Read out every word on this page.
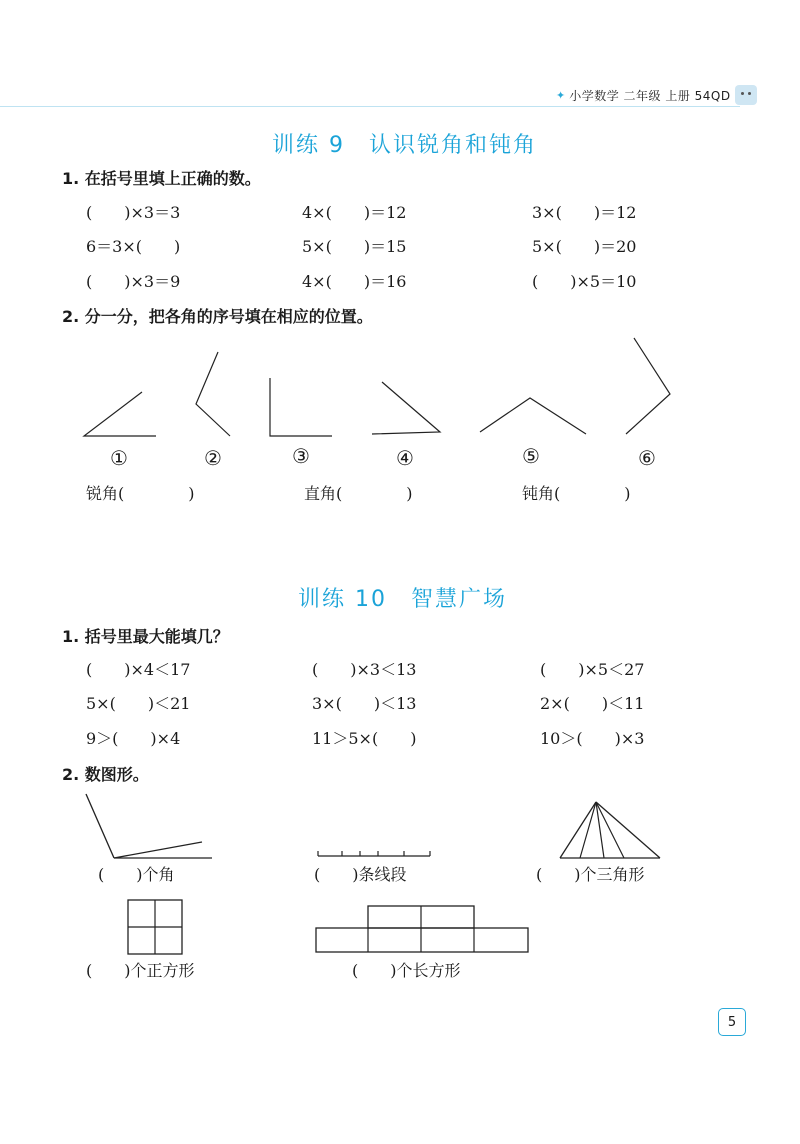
✦ 小学数学 二年级 上册 54QD
训练 9　认识锐角和钝角
1. 在括号里填上正确的数。
(　　)×3＝3	4×(　　)＝12	3×(　　)＝12
6＝3×(　　)	5×(　　)＝15	5×(　　)＝20
(　　)×3＝9	4×(　　)＝16	(　　)×5＝10
2. 分一分，把各角的序号填在相应的位置。
①	②	③	④	⑤	⑥
锐角(　　　　)	直角(　　　　)	钝角(　　　　)
训练 10　智慧广场
1. 括号里最大能填几？
(　　)×4＜17	(　　)×3＜13	(　　)×5＜27
5×(　　)＜21	3×(　　)＜13	2×(　　)＜11
9＞(　　)×4	11＞5×(　　)	10＞(　　)×3
2. 数图形。
(　　)个角	(　　)条线段	(　　)个三角形
(　　)个正方形	(　　)个长方形
5
